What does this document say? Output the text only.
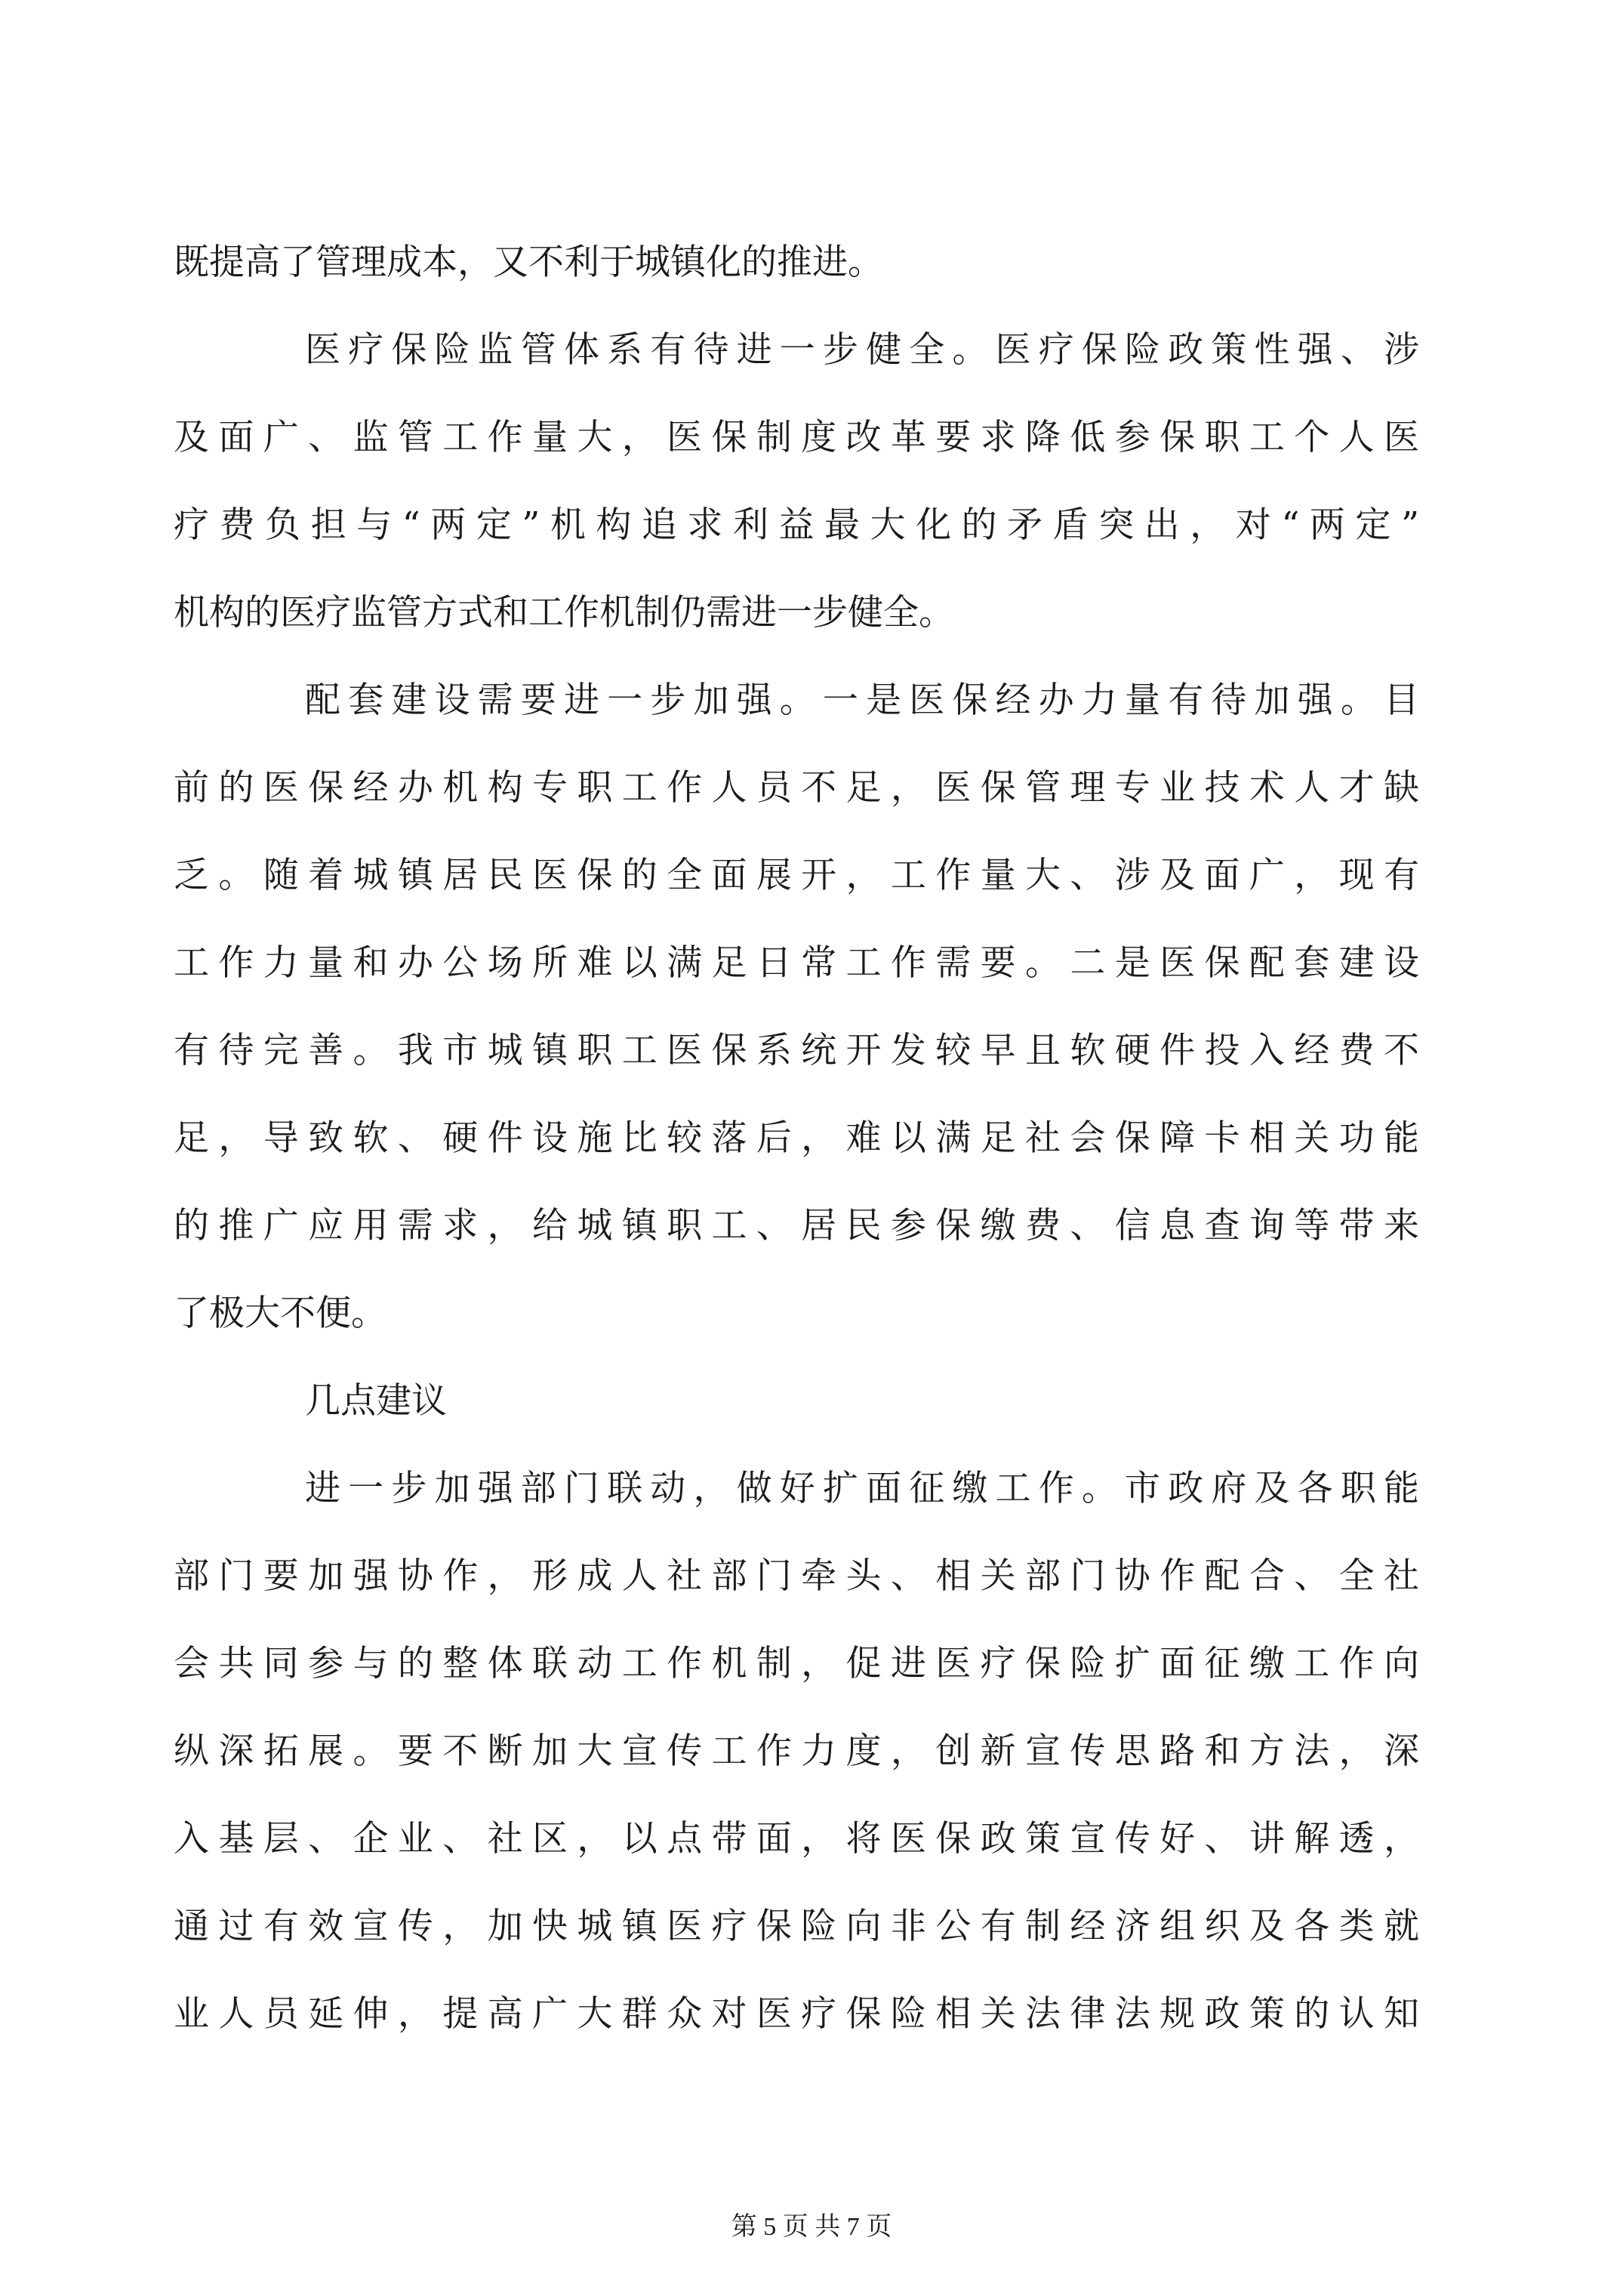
既提高了管理成本，又不利于城镇化的推进。
医疗保险监管体系有待进一步健全。医疗保险政策性强、涉
及面广、监管工作量大，医保制度改革要求降低参保职工个人医
疗费负担与“两定”机构追求利益最大化的矛盾突出，对“两定”
机构的医疗监管方式和工作机制仍需进一步健全。
配套建设需要进一步加强。一是医保经办力量有待加强。目
前的医保经办机构专职工作人员不足，医保管理专业技术人才缺
乏。随着城镇居民医保的全面展开，工作量大、涉及面广，现有
工作力量和办公场所难以满足日常工作需要。二是医保配套建设
有待完善。我市城镇职工医保系统开发较早且软硬件投入经费不
足，导致软、硬件设施比较落后，难以满足社会保障卡相关功能
的推广应用需求，给城镇职工、居民参保缴费、信息查询等带来
了极大不便。
几点建议
进一步加强部门联动，做好扩面征缴工作。市政府及各职能
部门要加强协作，形成人社部门牵头、相关部门协作配合、全社
会共同参与的整体联动工作机制，促进医疗保险扩面征缴工作向
纵深拓展。要不断加大宣传工作力度，创新宣传思路和方法，深
入基层、企业、社区，以点带面，将医保政策宣传好、讲解透，
通过有效宣传，加快城镇医疗保险向非公有制经济组织及各类就
业人员延伸，提高广大群众对医疗保险相关法律法规政策的认知
第 5 页 共 7 页
